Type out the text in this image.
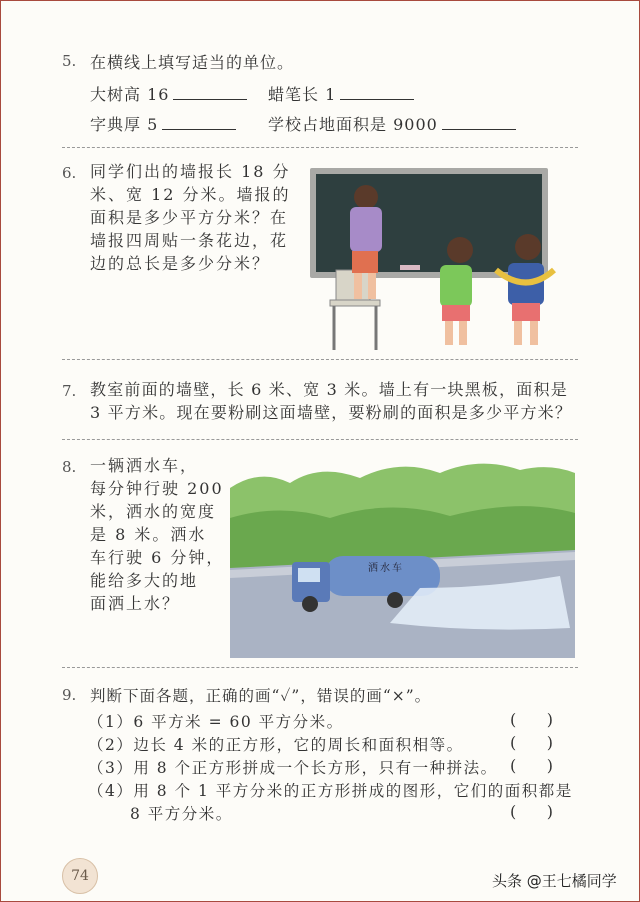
5. 在横线上填写适当的单位。
大树高 16	蜡笔长 1
字典厚 5	学校占地面积是 9000
6. 同学们出的墙报长 18 分
米、宽 12 分米。墙报的
面积是多少平方分米？在
墙报四周贴一条花边，花
边的总长是多少分米？
7. 教室前面的墙壁，长 6 米、宽 3 米。墙上有一块黑板，面积是
3 平方米。现在要粉刷这面墙壁，要粉刷的面积是多少平方米？
8. 一辆洒水车，
每分钟行驶 200
米，洒水的宽度
是 8 米。洒水
车行驶 6 分钟，
能给多大的地
面洒上水？
洒水车
9. 判断下面各题，正确的画“✓”，错误的画“×”。
（1）6 平方米 = 60 平方分米。	(      )
（2）边长 4 米的正方形，它的周长和面积相等。	(      )
（3）用 8 个正方形拼成一个长方形，只有一种拼法。 (      )
（4）用 8 个 1 平方分米的正方形拼成的图形，它们的面积都是
8 平方分米。	(      )
74	头条 @王七橘同学
